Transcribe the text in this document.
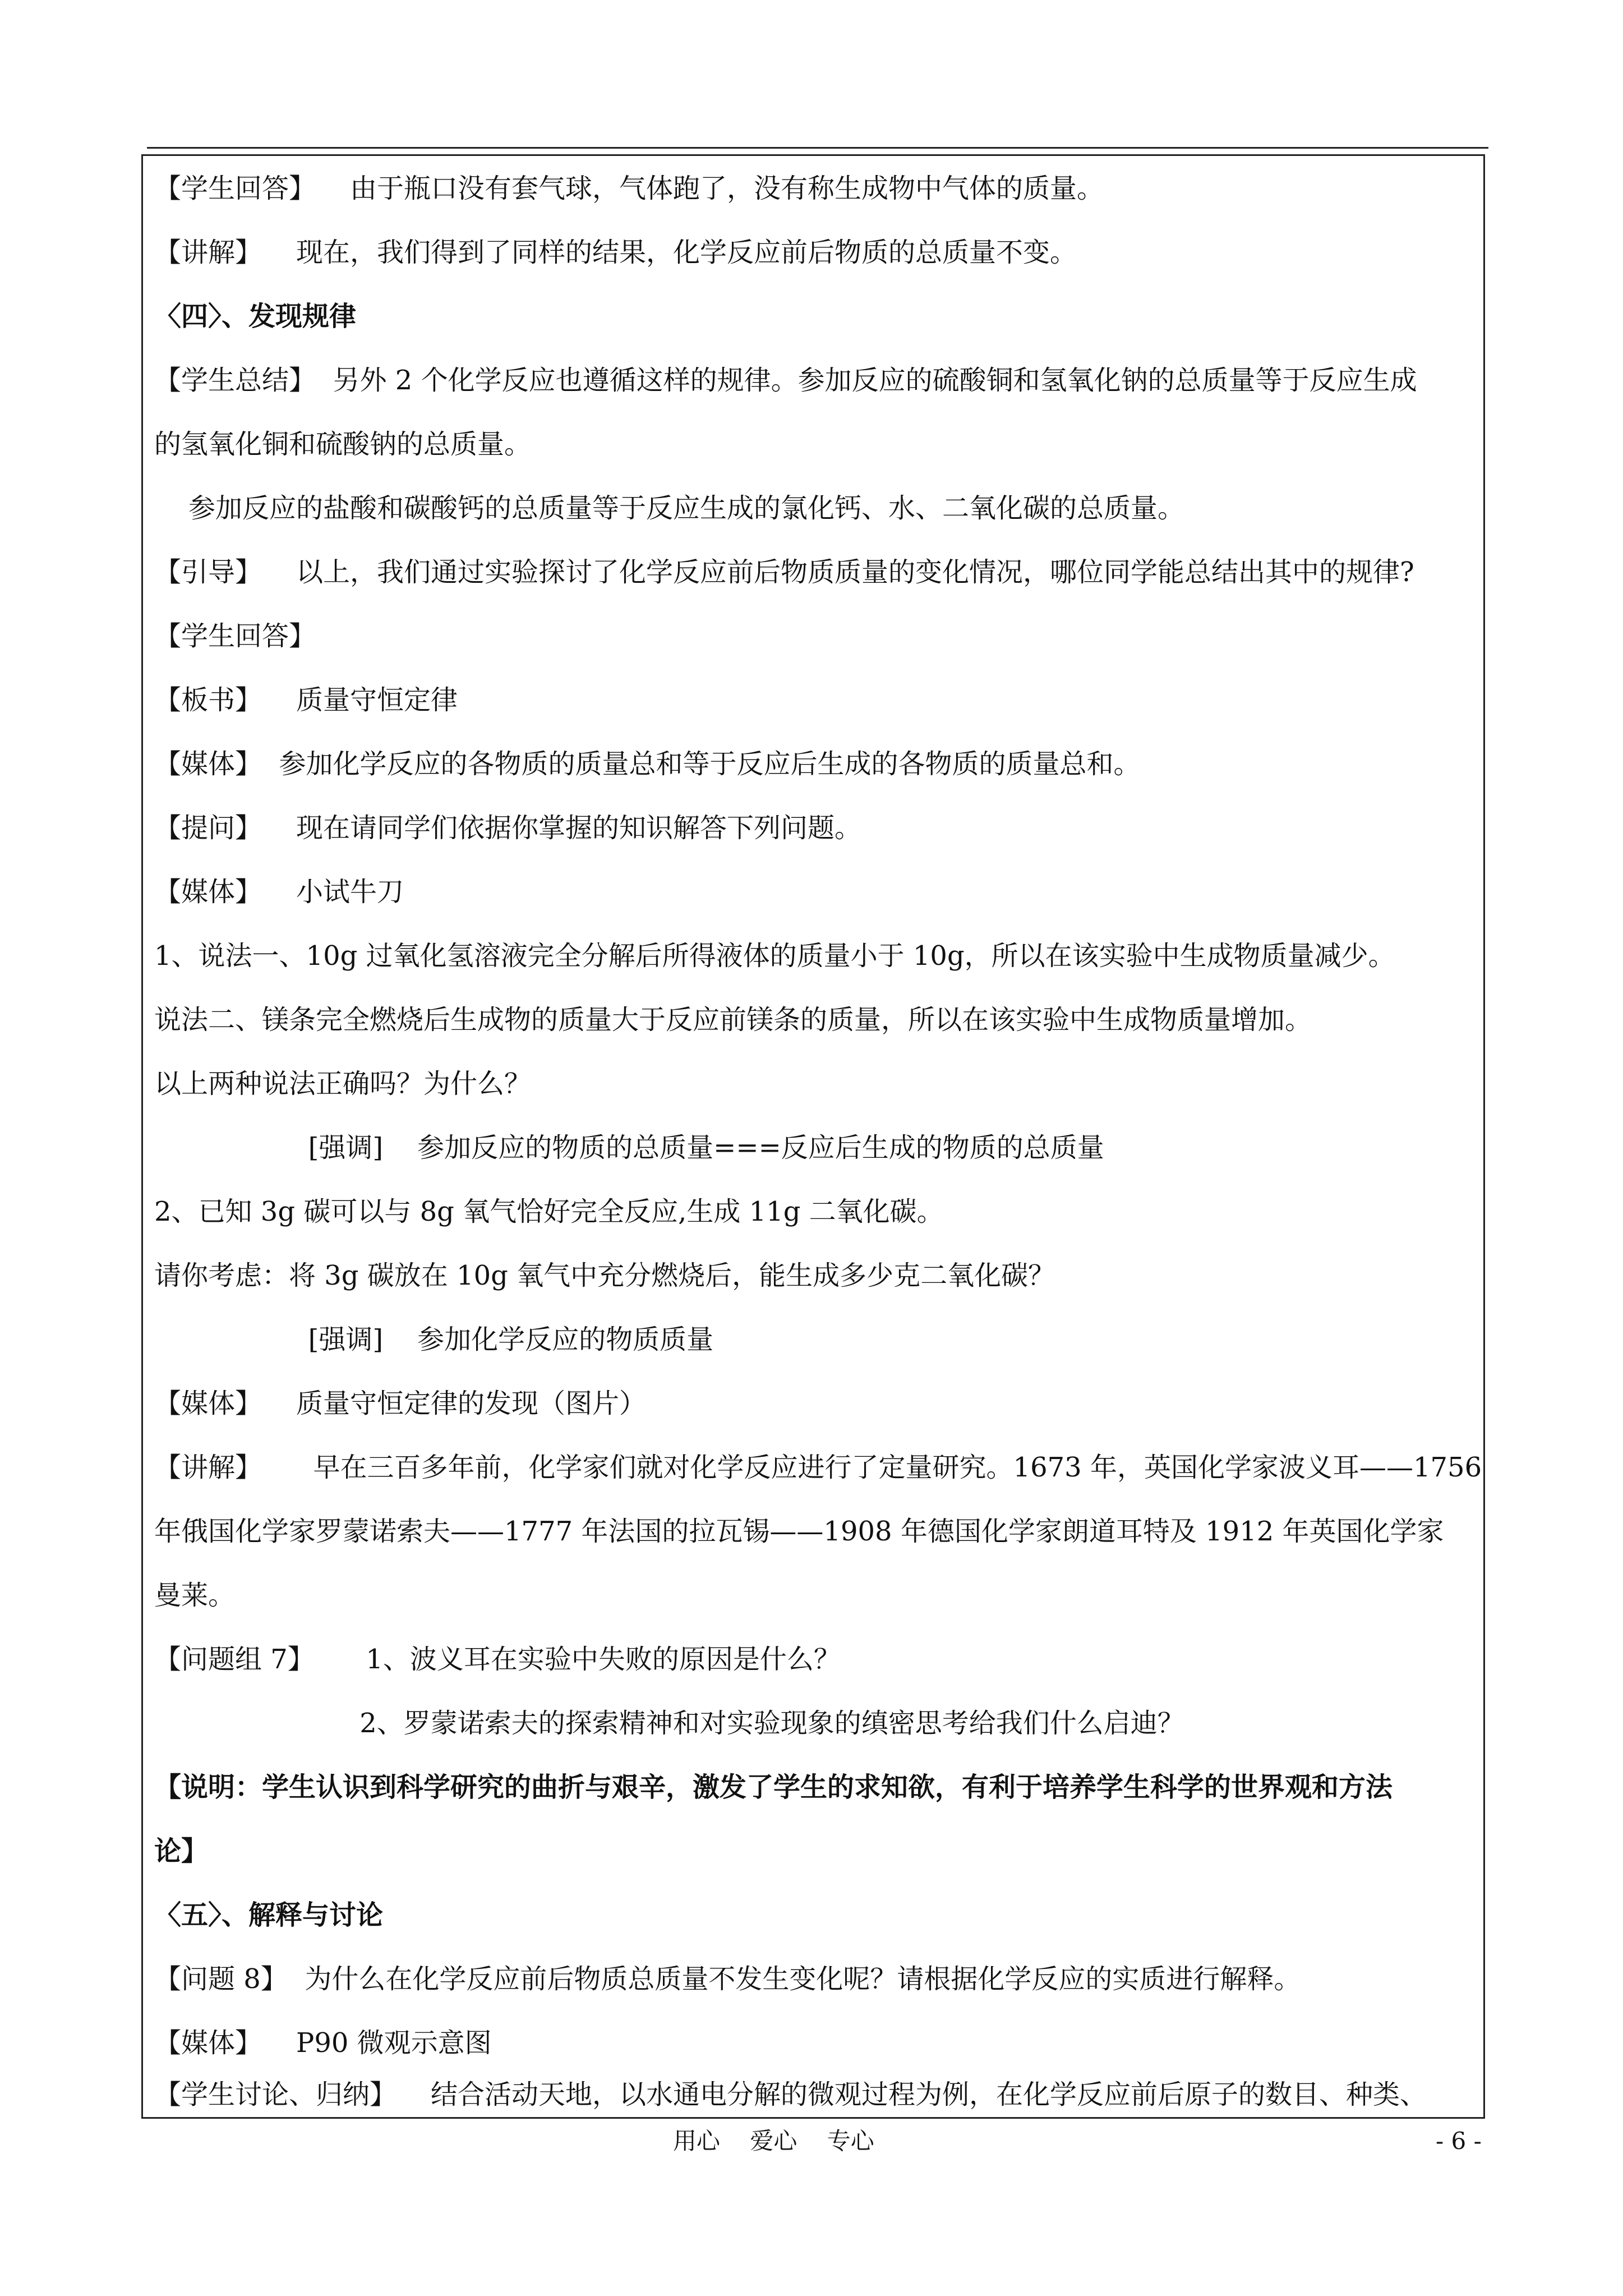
【学生回答】    由于瓶口没有套气球，气体跑了，没有称生成物中气体的质量。
【讲解】    现在，我们得到了同样的结果，化学反应前后物质的总质量不变。
〈四〉、发现规律
【学生总结】  另外 2 个化学反应也遵循这样的规律。参加反应的硫酸铜和氢氧化钠的总质量等于反应生成
的氢氧化铜和硫酸钠的总质量。
参加反应的盐酸和碳酸钙的总质量等于反应生成的氯化钙、水、二氧化碳的总质量。
【引导】    以上，我们通过实验探讨了化学反应前后物质质量的变化情况，哪位同学能总结出其中的规律?
【学生回答】
【板书】    质量守恒定律
【媒体】  参加化学反应的各物质的质量总和等于反应后生成的各物质的质量总和。
【提问】    现在请同学们依据你掌握的知识解答下列问题。
【媒体】    小试牛刀
1、说法一、10g 过氧化氢溶液完全分解后所得液体的质量小于 10g，所以在该实验中生成物质量减少。
说法二、镁条完全燃烧后生成物的质量大于反应前镁条的质量，所以在该实验中生成物质量增加。
以上两种说法正确吗？为什么？
[强调]    参加反应的物质的总质量===反应后生成的物质的总质量
2、已知 3g 碳可以与 8g 氧气恰好完全反应,生成 11g 二氧化碳。
请你考虑：将 3g 碳放在 10g 氧气中充分燃烧后，能生成多少克二氧化碳？
[强调]    参加化学反应的物质质量
【媒体】    质量守恒定律的发现（图片）
【讲解】      早在三百多年前，化学家们就对化学反应进行了定量研究。1673 年，英国化学家波义耳——1756
年俄国化学家罗蒙诺索夫——1777 年法国的拉瓦锡——1908 年德国化学家朗道耳特及 1912 年英国化学家
曼莱。
【问题组 7】      1、波义耳在实验中失败的原因是什么？
2、罗蒙诺索夫的探索精神和对实验现象的缜密思考给我们什么启迪？
【说明：学生认识到科学研究的曲折与艰辛，激发了学生的求知欲，有利于培养学生科学的世界观和方法
论】
〈五〉、解释与讨论
【问题 8】  为什么在化学反应前后物质总质量不发生变化呢？请根据化学反应的实质进行解释。
【媒体】    P90 微观示意图
【学生讨论、归纳】    结合活动天地，以水通电分解的微观过程为例，在化学反应前后原子的数目、种类、
用心    爱心    专心	- 6 -
